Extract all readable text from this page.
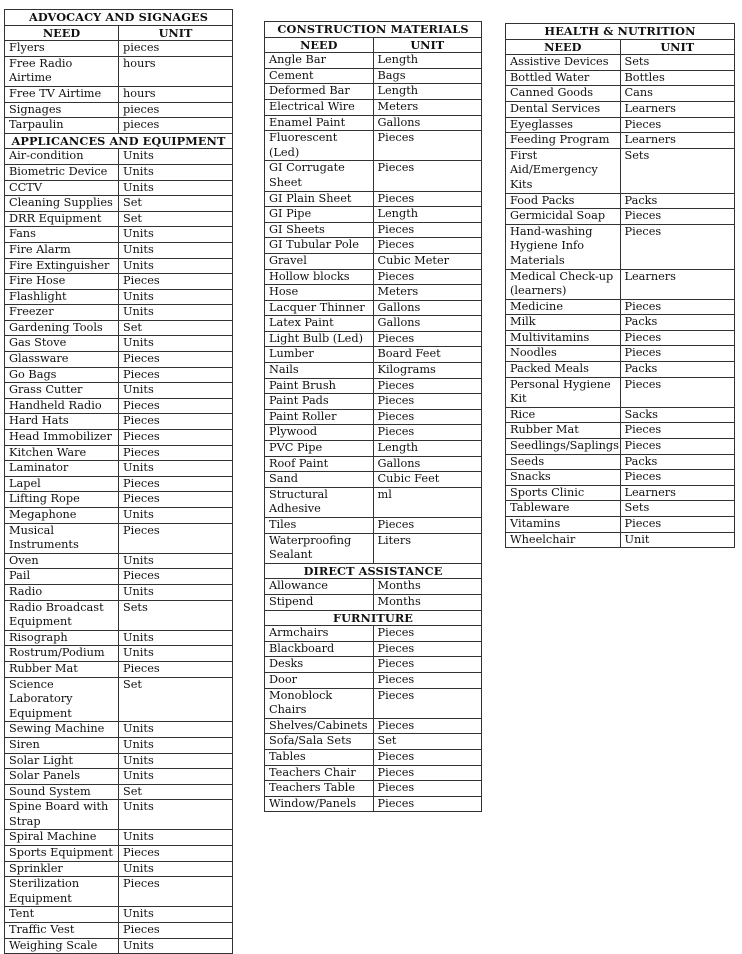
ADVOCACY AND SIGNAGES	
NEED	UNIT
Flyers	pieces
Free Radio Airtime	hours
Free TV Airtime	hours
Signages	pieces
Tarpaulin	pieces
APPLICANCES AND EQUIPMENT	
Air-condition	Units
Biometric Device	Units
CCTV	Units
Cleaning Supplies	Set
DRR Equipment	Set
Fans	Units
Fire Alarm	Units
Fire Extinguisher	Units
Fire Hose	Pieces
Flashlight	Units
Freezer	Units
Gardening Tools	Set
Gas Stove	Units
Glassware	Pieces
Go Bags	Pieces
Grass Cutter	Units
Handheld Radio	Pieces
Hard Hats	Pieces
Head Immobilizer	Pieces
Kitchen Ware	Pieces
Laminator	Units
Lapel	Pieces
Lifting Rope	Pieces
Megaphone	Units
Musical Instruments	Pieces
Oven	Units
Pail	Pieces
Radio	Units
Radio Broadcast Equipment	Sets
Risograph	Units
Rostrum/Podium	Units
Rubber Mat	Pieces
Science Laboratory Equipment	Set
Sewing Machine	Units
Siren	Units
Solar Light	Units
Solar Panels	Units
Sound System	Set
Spine Board with Strap	Units
Spiral Machine	Units
Sports Equipment	Pieces
Sprinkler	Units
Sterilization Equipment	Pieces
Tent	Units
Traffic Vest	Pieces
Weighing Scale	Units
CONSTRUCTION MATERIALS	
NEED	UNIT
Angle Bar	Length
Cement	Bags
Deformed Bar	Length
Electrical Wire	Meters
Enamel Paint	Gallons
Fluorescent (Led)	Pieces
GI Corrugate Sheet	Pieces
GI Plain Sheet	Pieces
GI Pipe	Length
GI Sheets	Pieces
GI Tubular Pole	Pieces
Gravel	Cubic Meter
Hollow blocks	Pieces
Hose	Meters
Lacquer Thinner	Gallons
Latex Paint	Gallons
Light Bulb (Led)	Pieces
Lumber	Board Feet
Nails	Kilograms
Paint Brush	Pieces
Paint Pads	Pieces
Paint Roller	Pieces
Plywood	Pieces
PVC Pipe	Length
Roof Paint	Gallons
Sand	Cubic Feet
Structural Adhesive	ml
Tiles	Pieces
Waterproofing Sealant	Liters
DIRECT ASSISTANCE	
Allowance	Months
Stipend	Months
FURNITURE	
Armchairs	Pieces
Blackboard	Pieces
Desks	Pieces
Door	Pieces
Monoblock Chairs	Pieces
Shelves/Cabinets	Pieces
Sofa/Sala Sets	Set
Tables	Pieces
Teachers Chair	Pieces
Teachers Table	Pieces
Window/Panels	Pieces
HEALTH & NUTRITION	
NEED	UNIT
Assistive Devices	Sets
Bottled Water	Bottles
Canned Goods	Cans
Dental Services	Learners
Eyeglasses	Pieces
Feeding Program	Learners
First Aid/Emergency Kits	Sets
Food Packs	Packs
Germicidal Soap	Pieces
Hand-washing Hygiene Info Materials	Pieces
Medical Check-up (learners)	Learners
Medicine	Pieces
Milk	Packs
Multivitamins	Pieces
Noodles	Pieces
Packed Meals	Packs
Personal Hygiene Kit	Pieces
Rice	Sacks
Rubber Mat	Pieces
Seedlings/Saplings	Pieces
Seeds	Packs
Snacks	Pieces
Sports Clinic	Learners
Tableware	Sets
Vitamins	Pieces
Wheelchair	Unit
